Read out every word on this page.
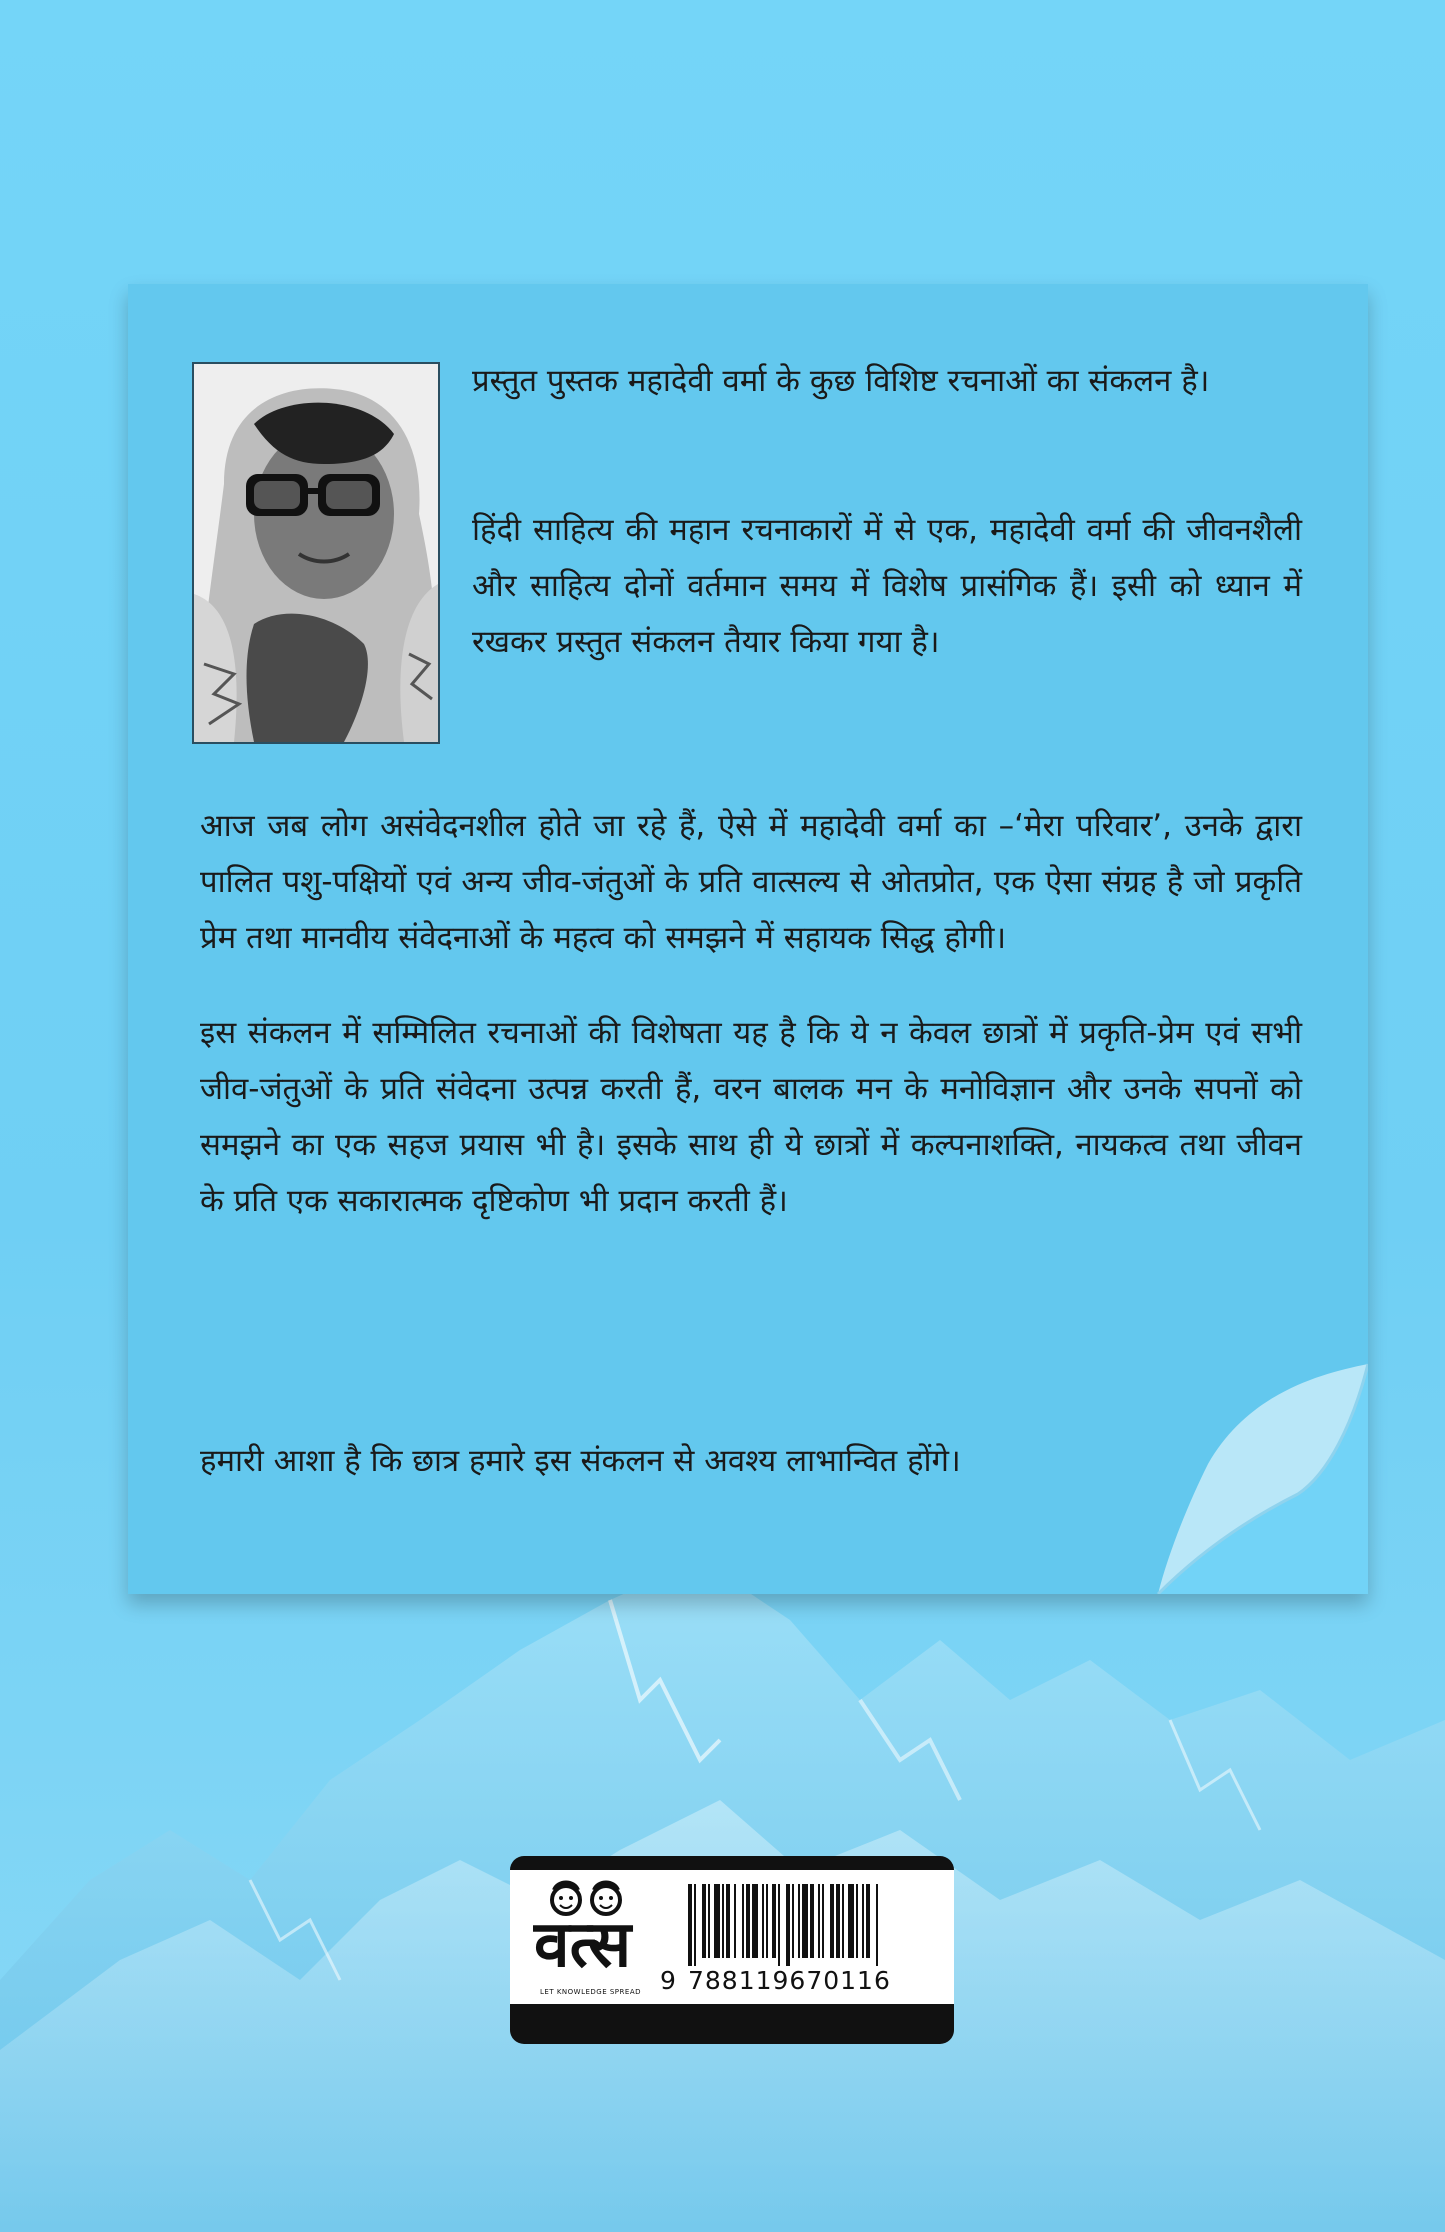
प्रस्तुत पुस्तक महादेवी वर्मा के कुछ विशिष्ट रचनाओं का संकलन है।

हिंदी साहित्य की महान रचनाकारों में से एक, महादेवी वर्मा की जीवनशैली और साहित्य दोनों वर्तमान समय में विशेष प्रासंगिक हैं। इसी को ध्यान में रखकर प्रस्तुत संकलन तैयार किया गया है।

आज जब लोग असंवेदनशील होते जा रहे हैं, ऐसे में महादेवी वर्मा का –‘मेरा परिवार’, उनके द्वारा पालित पशु-पक्षियों एवं अन्य जीव-जंतुओं के प्रति वात्सल्य से ओतप्रोत, एक ऐसा संग्रह है जो प्रकृति प्रेम तथा मानवीय संवेदनाओं के महत्व को समझने में सहायक सिद्ध होगी।

इस संकलन में सम्मिलित रचनाओं की विशेषता यह है कि ये न केवल छात्रों में प्रकृति-प्रेम एवं सभी जीव-जंतुओं के प्रति संवेदना उत्पन्न करती हैं, वरन बालक मन के मनोविज्ञान और उनके सपनों को समझने का एक सहज प्रयास भी है। इसके साथ ही ये छात्रों में कल्पनाशक्ति, नायकत्व तथा जीवन के प्रति एक सकारात्मक दृष्टिकोण भी प्रदान करती हैं।

हमारी आशा है कि छात्र हमारे इस संकलन से अवश्य लाभान्वित होंगे।

वत्स
LET KNOWLEDGE SPREAD 9 788119670116
